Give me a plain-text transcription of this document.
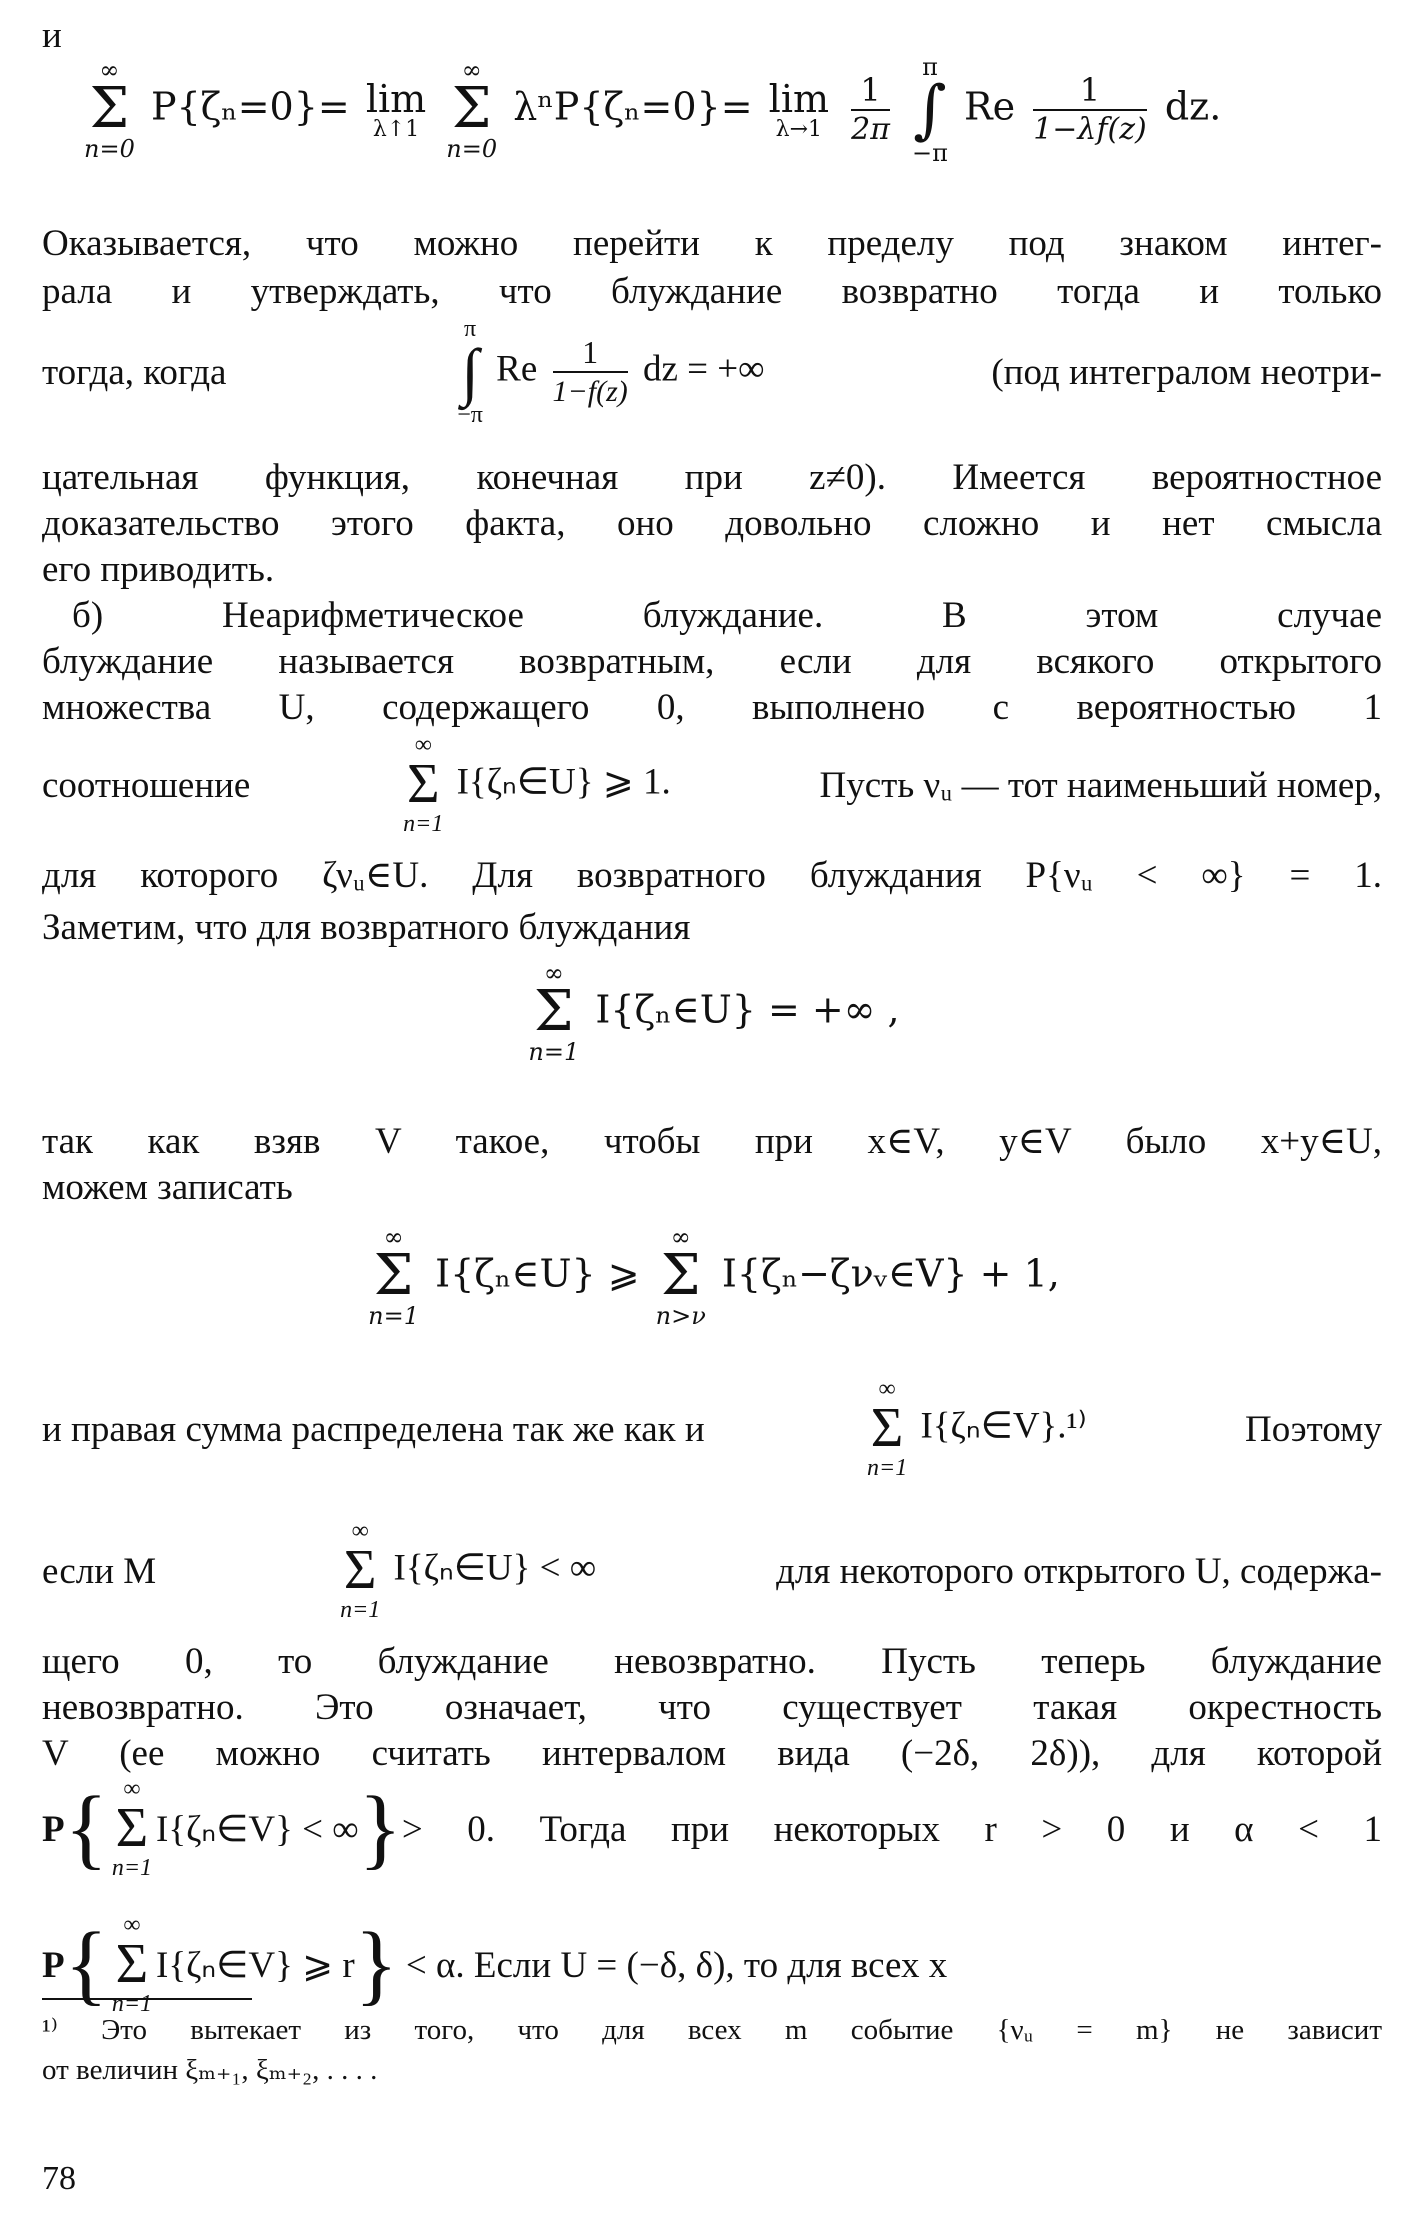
и
∞
Σ
n=0
P{ζₙ=0}= lim
λ↑1

∞
Σ
n=0
λⁿP{ζₙ=0}= lim
λ→1
$\frac{1}{2\pi}$

π
∫
−π
Re $\frac{1}{1-\lambda f(z)}$ dz.
Оказывается, что можно перейти к пределу под знаком интег-
рала и утверждать, что блуждание возвратно тогда и только
тогда, когда
π
∫
−π
Re $\frac{1}{1-f(z)}$ dz = +∞	(под интегралом неотри-
цательная функция, конечная при z≠0). Имеется вероятностное
доказательство этого факта, оно довольно сложно и нет смысла
его приводить.
б) Неарифметическое блуждание. В этом случае
блуждание называется возвратным, если для всякого открытого
множества U, содержащего 0, выполнено с вероятностью 1
соотношение
∞
Σ
n=1
I{ζₙ∈U} ⩾ 1.	Пусть νᵤ — тот наименьший номер,
для которого ζνᵤ∈U. Для возвратного блуждания P{νᵤ < ∞} = 1.
Заметим, что для возвратного блуждания
∞
Σ
n=1
I{ζₙ∈U} = +∞ ,
так как взяв V такое, чтобы при x∈V, y∈V было x+y∈U,
можем записать
∞
Σ
n=1
I{ζₙ∈U} ⩾
∞
Σ
n>ν
I{ζₙ−ζνᵥ∈V} + 1,
и правая сумма распределена так же как и
∞
Σ
n=1
I{ζₙ∈V}.¹⁾	Поэтому
если M
∞
Σ
n=1
I{ζₙ∈U} < ∞	для некоторого открытого U, содержа-
щего 0, то блуждание невозвратно. Пусть теперь блуждание
невозвратно. Это означает, что существует такая окрестность
V (ее можно считать интервалом вида (−2δ, 2δ)), для которой
P { ∞
Σ
n=1
I{ζₙ∈V} < ∞ } > 0. Тогда при некоторых r > 0 и α < 1
P { ∞
Σ
n=1
I{ζₙ∈V} ⩾ r } < α. Если U = (−δ, δ), то для всех x
¹⁾ Это вытекает из того, что для всех m событие {νᵤ = m} не зависит
от величин ξₘ₊₁, ξₘ₊₂, . . . .
78
